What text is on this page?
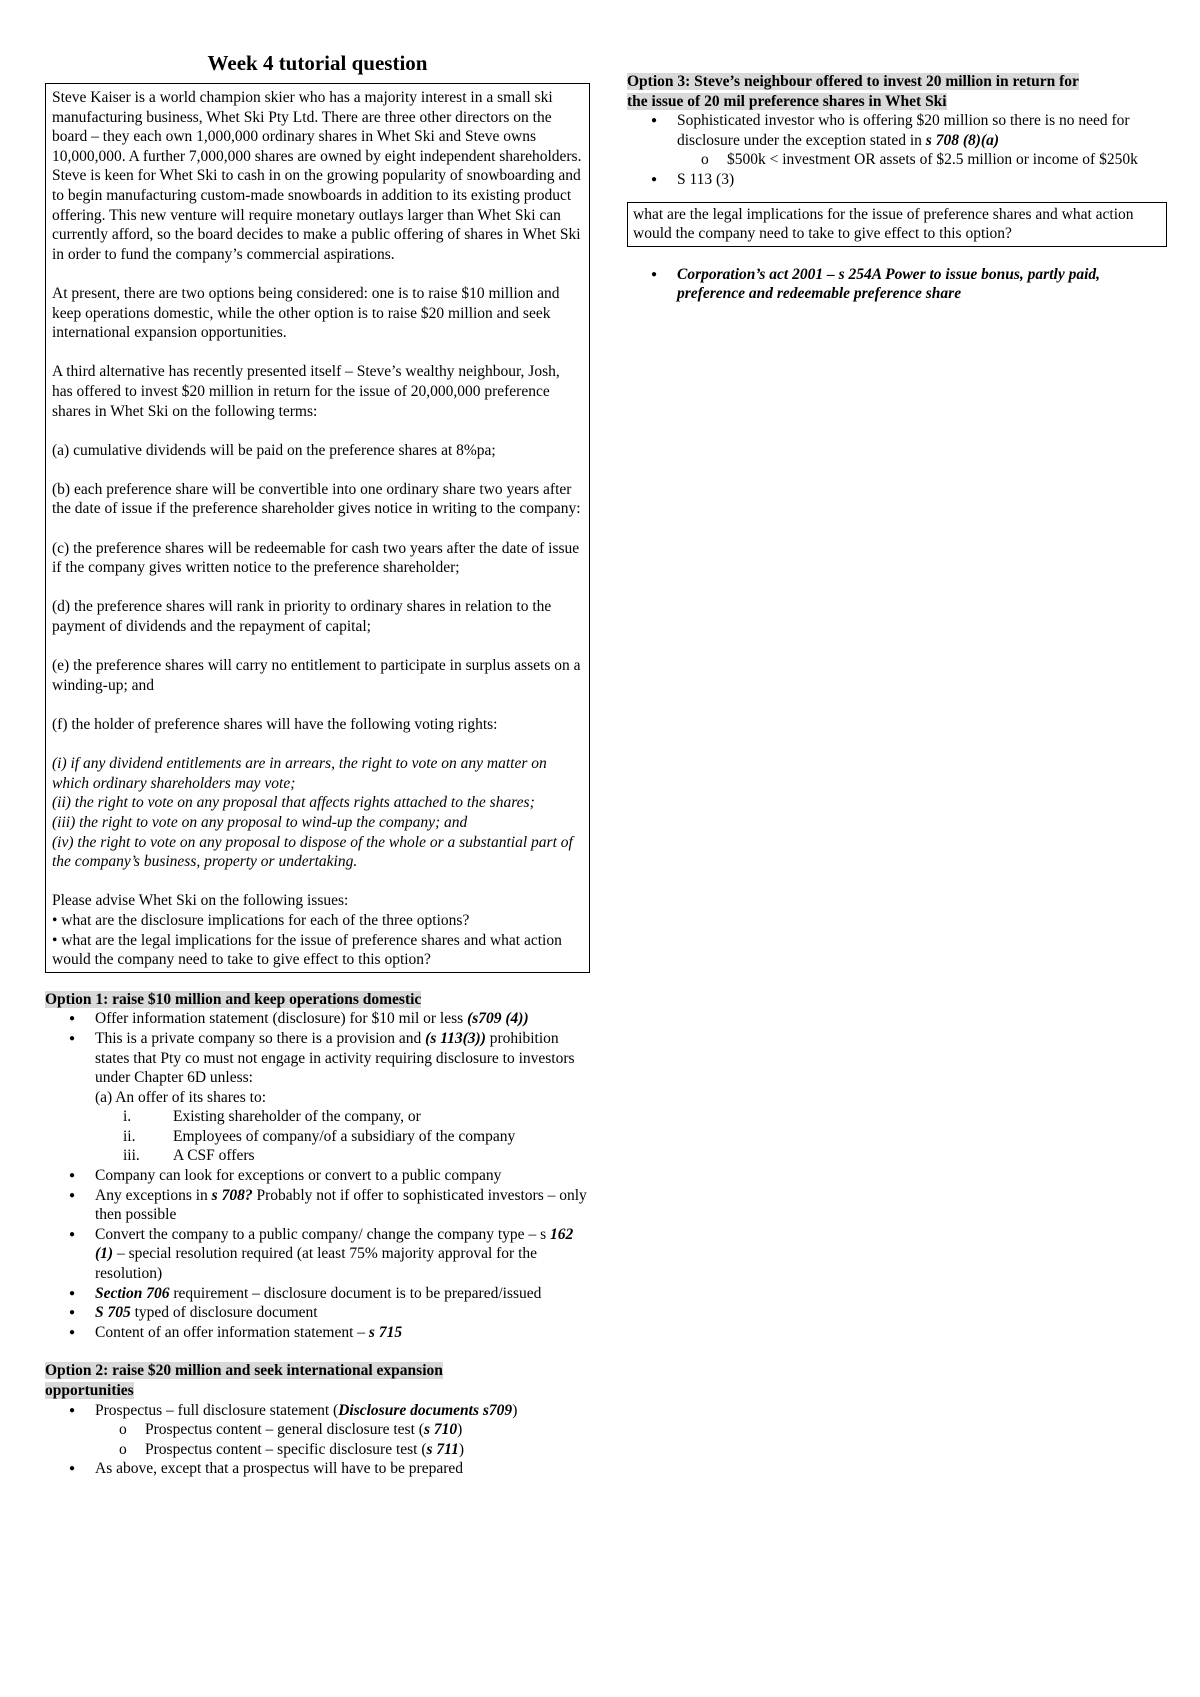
Week 4 tutorial question

Steve Kaiser is a world champion skier who has a majority interest in a small ski manufacturing business, Whet Ski Pty Ltd. There are three other directors on the board – they each own 1,000,000 ordinary shares in Whet Ski and Steve owns 10,000,000. A further 7,000,000 shares are owned by eight independent shareholders. Steve is keen for Whet Ski to cash in on the growing popularity of snowboarding and to begin manufacturing custom-made snowboards in addition to its existing product offering. This new venture will require monetary outlays larger than Whet Ski can currently afford, so the board decides to make a public offering of shares in Whet Ski in order to fund the company’s commercial aspirations.

At present, there are two options being considered: one is to raise $10 million and keep operations domestic, while the other option is to raise $20 million and seek international expansion opportunities.

A third alternative has recently presented itself – Steve’s wealthy neighbour, Josh, has offered to invest $20 million in return for the issue of 20,000,000 preference shares in Whet Ski on the following terms:

(a) cumulative dividends will be paid on the preference shares at 8%pa;

(b) each preference share will be convertible into one ordinary share two years after the date of issue if the preference shareholder gives notice in writing to the company:

(c) the preference shares will be redeemable for cash two years after the date of issue if the company gives written notice to the preference shareholder;

(d) the preference shares will rank in priority to ordinary shares in relation to the payment of dividends and the repayment of capital;

(e) the preference shares will carry no entitlement to participate in surplus assets on a winding-up; and

(f) the holder of preference shares will have the following voting rights:

(i) if any dividend entitlements are in arrears, the right to vote on any matter on which ordinary shareholders may vote;
(ii) the right to vote on any proposal that affects rights attached to the shares;
(iii) the right to vote on any proposal to wind-up the company; and
(iv) the right to vote on any proposal to dispose of the whole or a substantial part of the company’s business, property or undertaking.

Please advise Whet Ski on the following issues:
• what are the disclosure implications for each of the three options?
• what are the legal implications for the issue of preference shares and what action would the company need to take to give effect to this option?

Option 1: raise $10 million and keep operations domestic

● Offer information statement (disclosure) for $10 mil or less (s709 (4))
● This is a private company so there is a provision and (s 113(3)) prohibition states that Pty co must not engage in activity requiring disclosure to investors under Chapter 6D unless:
(a) An offer of its shares to:
i.	Existing shareholder of the company, or
ii.	Employees of company/of a subsidiary of the company
iii.	A CSF offers
● Company can look for exceptions or convert to a public company
● Any exceptions in s 708? Probably not if offer to sophisticated investors – only then possible
● Convert the company to a public company/ change the company type – s 162 (1) – special resolution required (at least 75% majority approval for the resolution)
● Section 706 requirement – disclosure document is to be prepared/issued
● S 705 typed of disclosure document
● Content of an offer information statement – s 715

Option 2: raise $20 million and seek international expansion
opportunities

● Prospectus – full disclosure statement (Disclosure documents s709)
o Prospectus content – general disclosure test (s 710)
o Prospectus content – specific disclosure test (s 711)
● As above, except that a prospectus will have to be prepared

Option 3: Steve’s neighbour offered to invest 20 million in return for
the issue of 20 mil preference shares in Whet Ski

● Sophisticated investor who is offering $20 million so there is no need for disclosure under the exception stated in s 708 (8)(a)
o $500k < investment OR assets of $2.5 million or income of $250k
● S 113 (3)
what are the legal implications for the issue of preference shares and what action would the company need to take to give effect to this option?
● Corporation’s act 2001 – s 254A Power to issue bonus, partly paid, preference and redeemable preference share
